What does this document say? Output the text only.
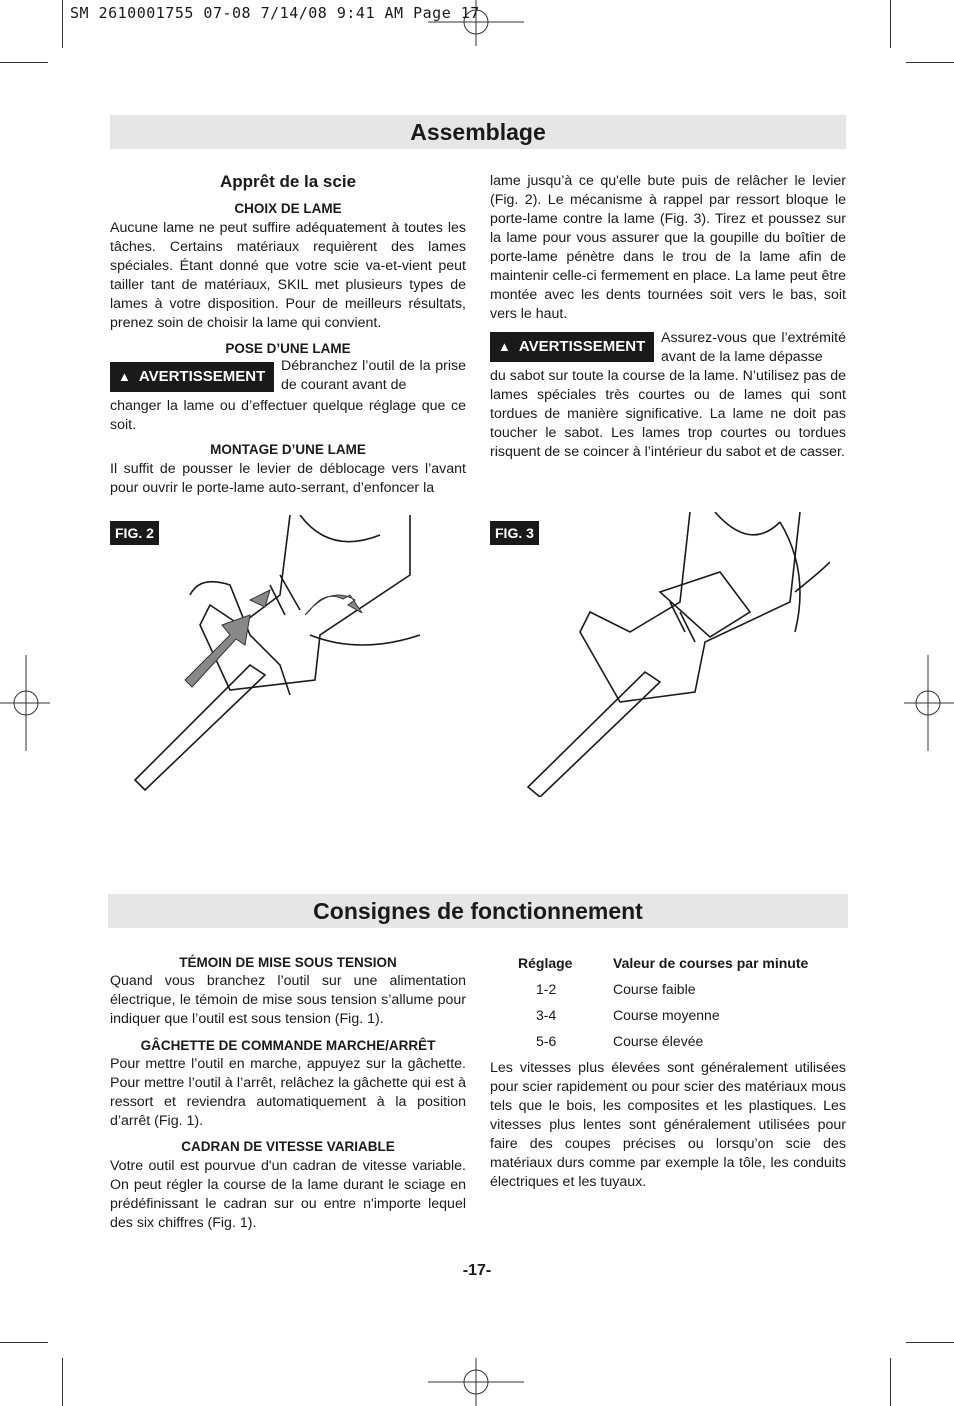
SM 2610001755 07-08 7/14/08 9:41 AM Page 17
Assemblage
Apprêt de la scie
CHOIX DE LAME
Aucune lame ne peut suffire adéquatement à toutes les tâches. Certains matériaux requièrent des lames spéciales. Étant donné que votre scie va-et-vient peut tailler tant de matériaux, SKIL met plusieurs types de lames à votre disposition. Pour de meilleurs résultats, prenez soin de choisir la lame qui convient.
POSE D’UNE LAME
▲ AVERTISSEMENT
Débranchez l’outil de la prise de courant avant de
changer la lame ou d’effectuer quelque réglage que ce soit.
MONTAGE D’UNE LAME
Il suffit de pousser le levier de déblocage vers l’avant pour ouvrir le porte-lame auto-serrant, d’enfoncer la
lame jusqu’à ce qu'elle bute puis de relâcher le levier (Fig. 2). Le mécanisme à rappel par ressort bloque le porte-lame contre la lame (Fig. 3). Tirez et poussez sur la lame pour vous assurer que la goupille du boîtier de porte-lame pénètre dans le trou de la lame afin de maintenir celle-ci fermement en place. La lame peut être montée avec les dents tournées soit vers le bas, soit vers le haut.
▲ AVERTISSEMENT	Assurez-vous que l’extrémité avant de la lame dépasse
du sabot sur toute la course de la lame. N’utilisez pas de lames spéciales très courtes ou de lames qui sont tordues de manière significative. La lame ne doit pas toucher le sabot. Les lames trop courtes ou tordues risquent de se coincer à l’intérieur du sabot et de casser.
FIG. 2	FIG. 3
Consignes de fonctionnement
TÉMOIN DE MISE SOUS TENSION
Quand vous branchez l’outil sur une alimentation électrique, le témoin de mise sous tension s’allume pour indiquer que l’outil est sous tension (Fig. 1).
GÂCHETTE DE COMMANDE MARCHE/ARRÊT
Pour mettre l’outil en marche, appuyez sur la gâchette. Pour mettre l’outil à l’arrêt, relâchez la gâchette qui est à ressort et reviendra automatiquement à la position d’arrêt (Fig. 1).
CADRAN DE VITESSE VARIABLE
Votre outil est pourvue d'un cadran de vitesse variable. On peut régler la course de la lame durant le sciage en prédéfinissant le cadran sur ou entre n'importe lequel des six chiffres (Fig. 1).
Réglage	Valeur de courses par minute
1-2	Course faible
3-4	Course moyenne
5-6	Course élevée
Les vitesses plus élevées sont généralement utilisées pour scier rapidement ou pour scier des matériaux mous tels que le bois, les composites et les plastiques. Les vitesses plus lentes sont généralement utilisées pour faire des coupes précises ou lorsqu’on scie des matériaux durs comme par exemple la tôle, les conduits électriques et les tuyaux.
-17-
